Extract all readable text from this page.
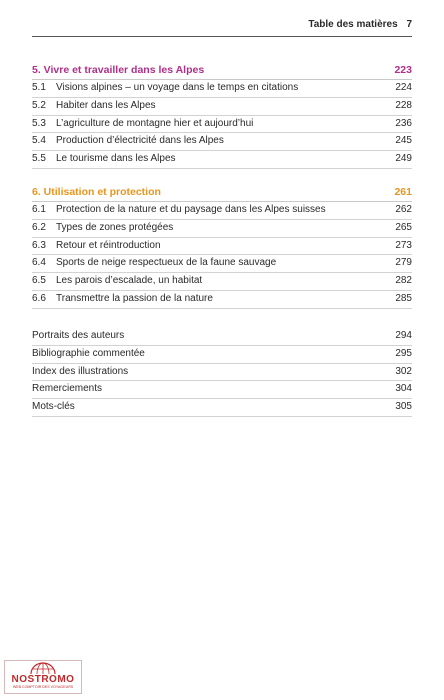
Table des matières 7
5. Vivre et travailler dans les Alpes	223
5.1 Visions alpines – un voyage dans le temps en citations	224
5.2 Habiter dans les Alpes	228
5.3 L’agriculture de montagne hier et aujourd’hui	236
5.4 Production d’électricité dans les Alpes	245
5.5 Le tourisme dans les Alpes	249
6. Utilisation et protection	261
6.1 Protection de la nature et du paysage dans les Alpes suisses	262
6.2 Types de zones protégées	265
6.3 Retour et réintroduction	273
6.4 Sports de neige respectueux de la faune sauvage	279
6.5 Les parois d’escalade, un habitat	282
6.6 Transmettre la passion de la nature	285
Portraits des auteurs	294
Bibliographie commentée	295
Index des illustrations	302
Remerciements	304
Mots-clés	305
NOSTROMO
WEB COMPTOIR DES VOYAGEURS
